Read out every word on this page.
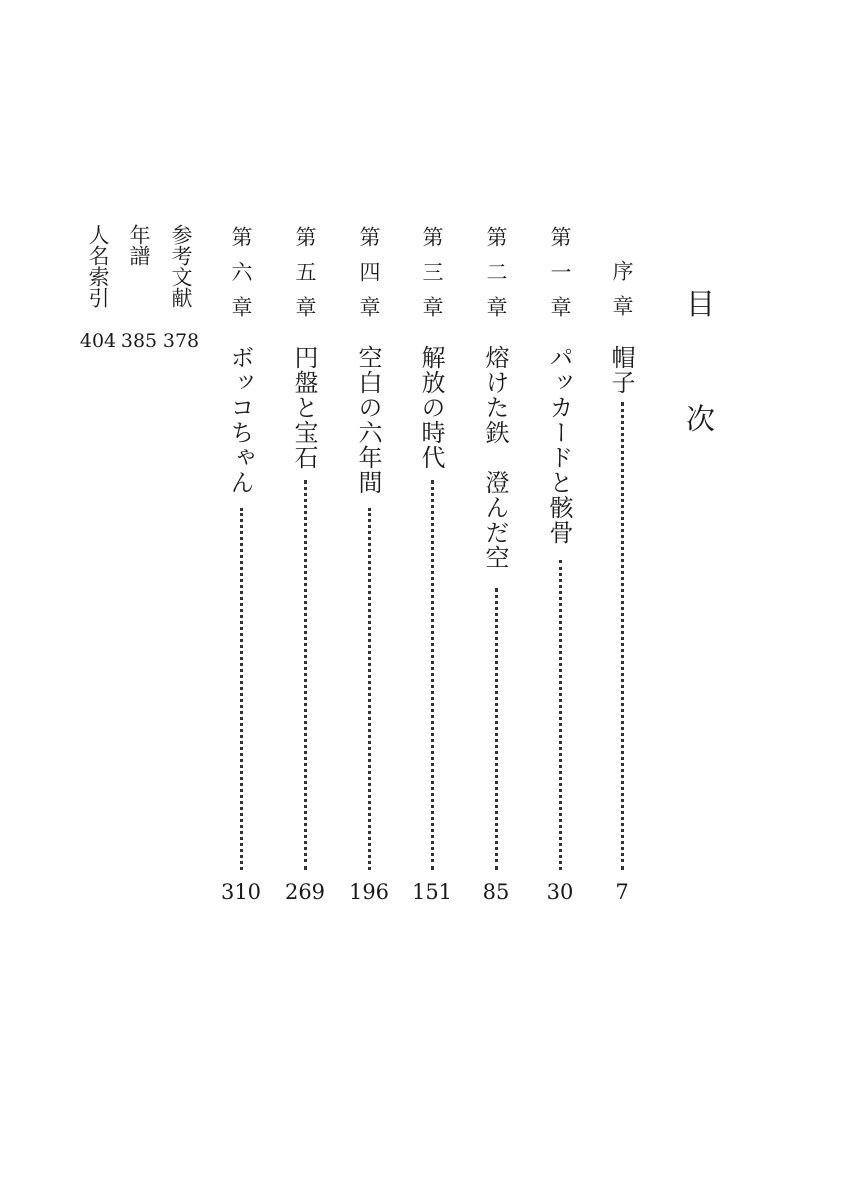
目
次
序章
帽子
7
第一章
パッカードと骸骨
30
第二章
熔けた鉄　澄んだ空
85
第三章
解放の時代
151
第四章
空白の六年間
196
第五章
円盤と宝石
269
第六章
ボッコちゃん
310
参考文献
378
年譜
385
人名索引
404
